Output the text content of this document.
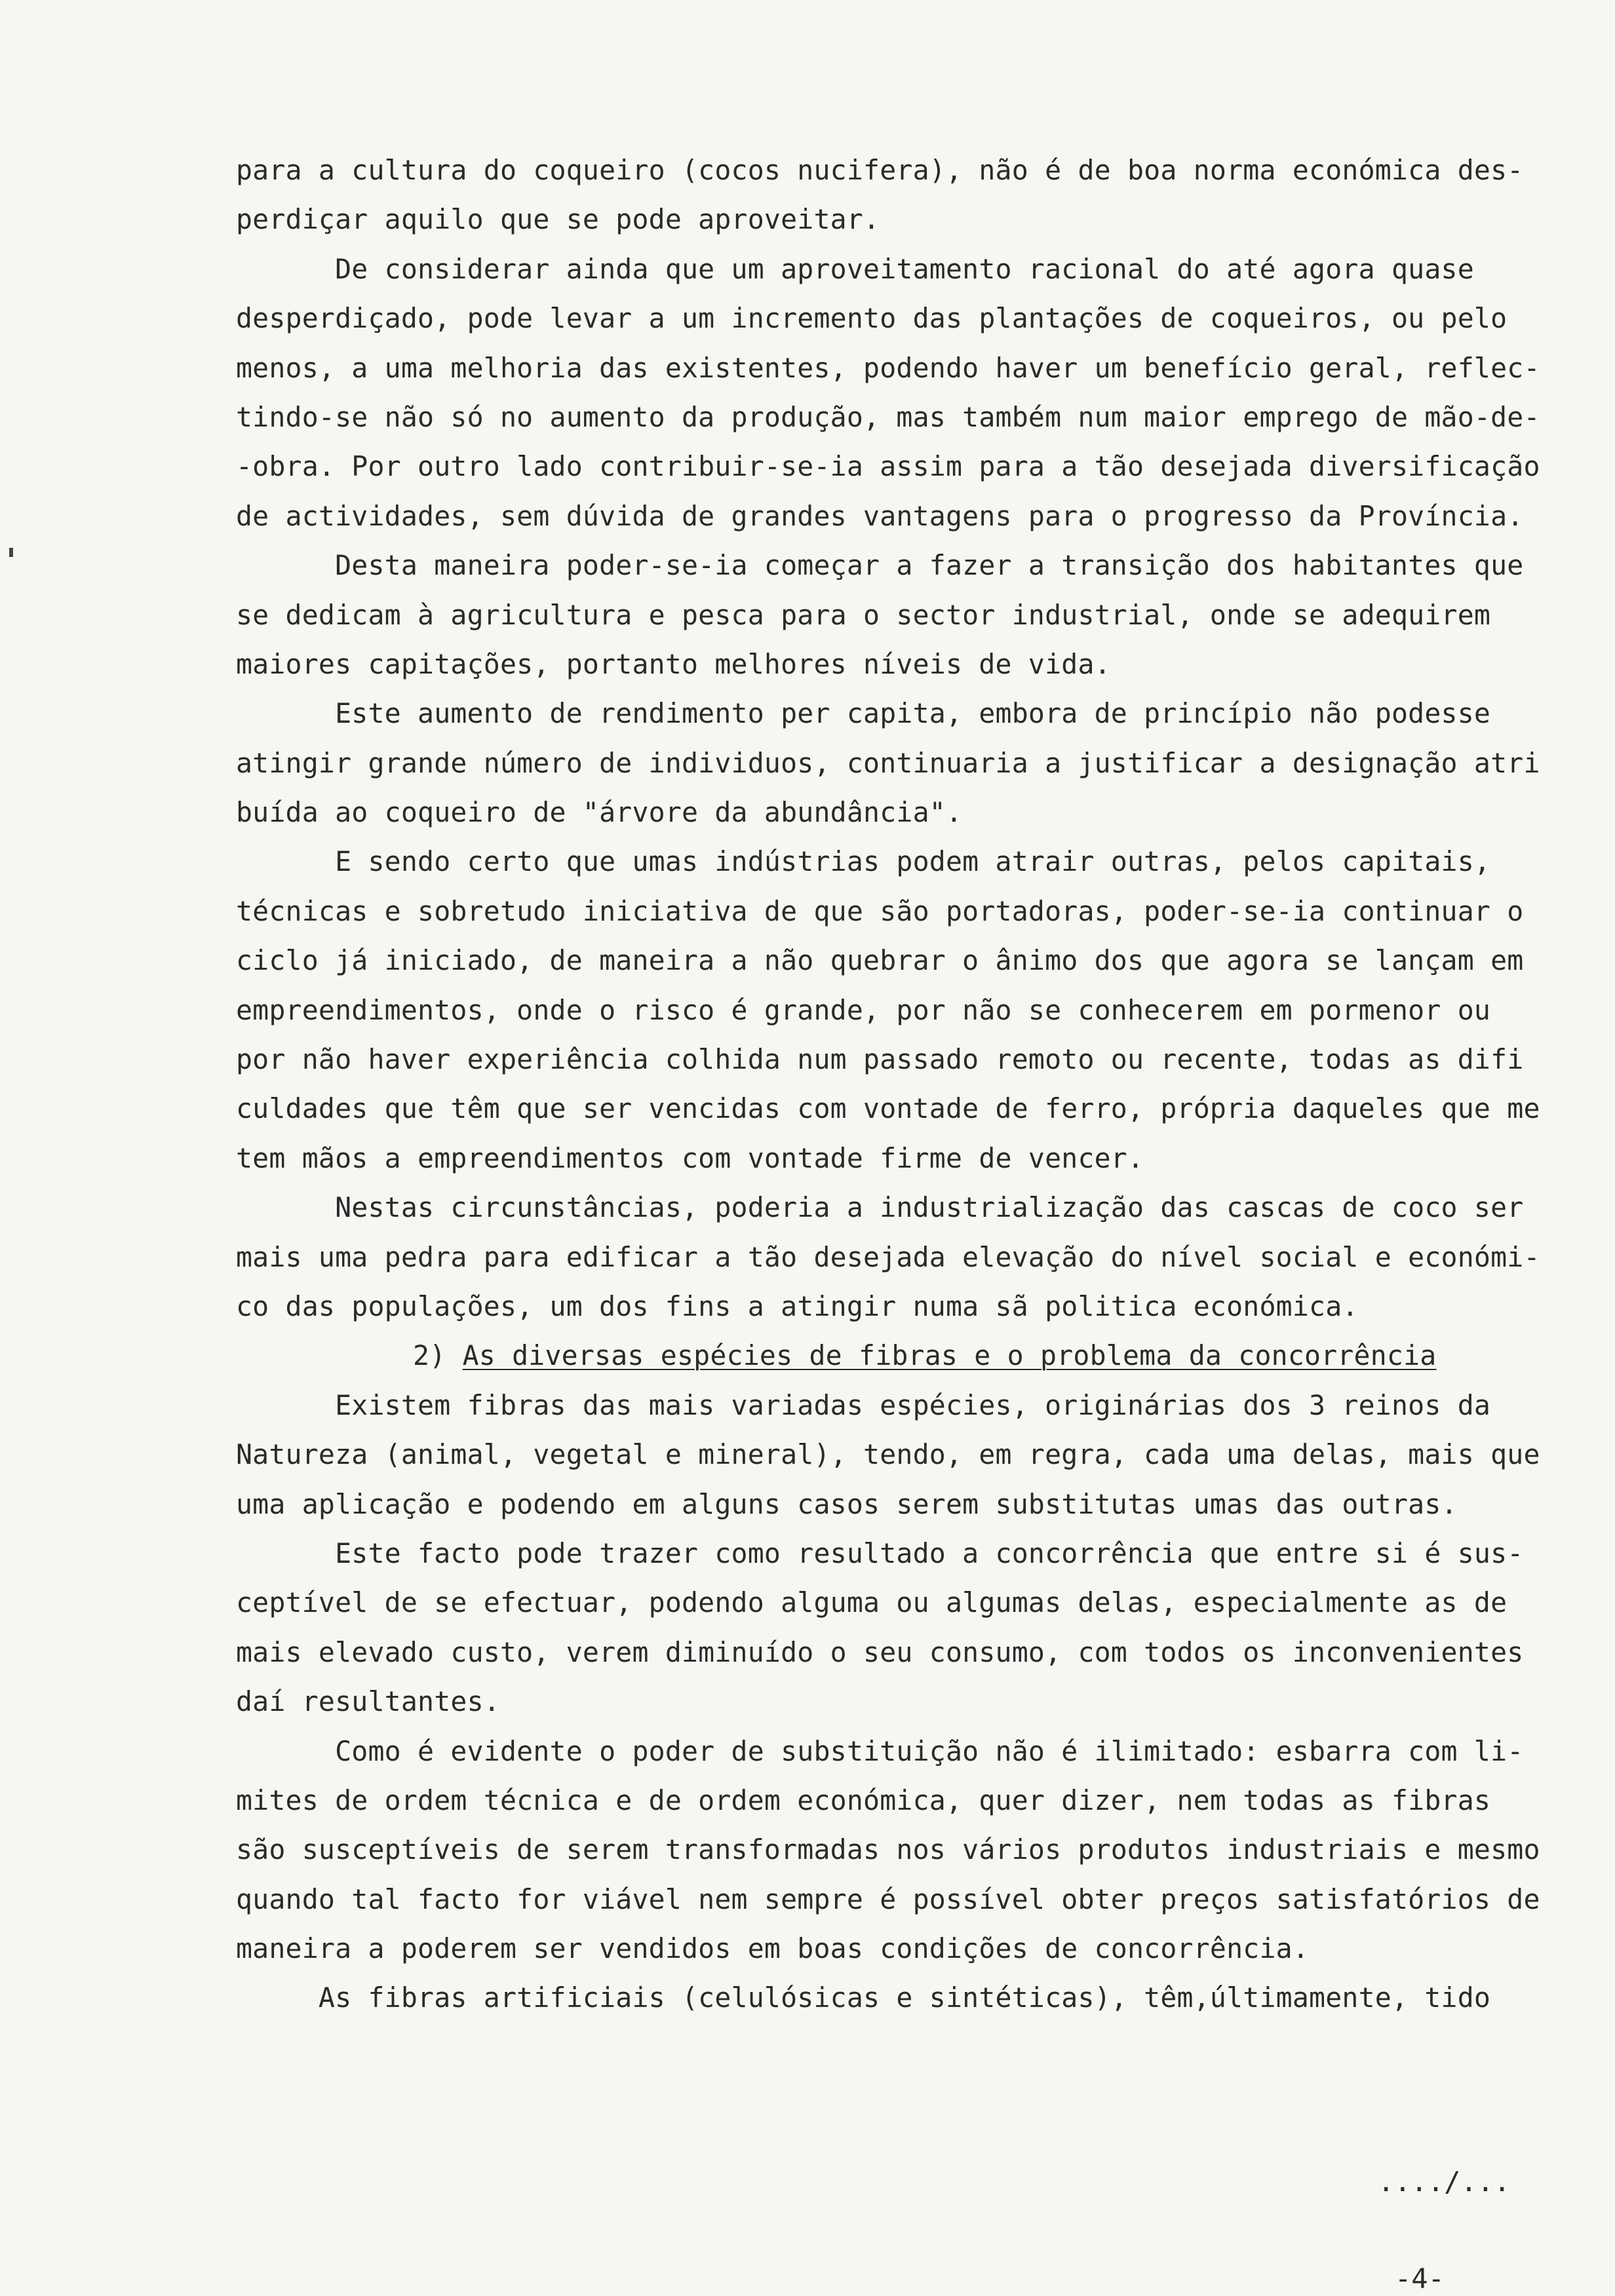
para a cultura do coqueiro (cocos nucifera), não é de boa norma económica des-
perdiçar aquilo que se pode aproveitar.
De considerar ainda que um aproveitamento racional do até agora quase
desperdiçado, pode levar a um incremento das plantações de coqueiros, ou pelo
menos, a uma melhoria das existentes, podendo haver um benefício geral, reflec-
tindo-se não só no aumento da produção, mas também num maior emprego de mão-de-
-obra. Por outro lado contribuir-se-ia assim para a tão desejada diversificação
de actividades, sem dúvida de grandes vantagens para o progresso da Província.
Desta maneira poder-se-ia começar a fazer a transição dos habitantes que
se dedicam à agricultura e pesca para o sector industrial, onde se adequirem
maiores capitações, portanto melhores níveis de vida.
Este aumento de rendimento per capita, embora de princípio não podesse
atingir grande número de individuos, continuaria a justificar a designação atri
buída ao coqueiro de "árvore da abundância".
E sendo certo que umas indústrias podem atrair outras, pelos capitais,
técnicas e sobretudo iniciativa de que são portadoras, poder-se-ia continuar o
ciclo já iniciado, de maneira a não quebrar o ânimo dos que agora se lançam em
empreendimentos, onde o risco é grande, por não se conhecerem em pormenor ou
por não haver experiência colhida num passado remoto ou recente, todas as difi
culdades que têm que ser vencidas com vontade de ferro, própria daqueles que me
tem mãos a empreendimentos com vontade firme de vencer.
Nestas circunstâncias, poderia a industrialização das cascas de coco ser
mais uma pedra para edificar a tão desejada elevação do nível social e económi-
co das populações, um dos fins a atingir numa sã politica económica.
2) As diversas espécies de fibras e o problema da concorrência
Existem fibras das mais variadas espécies, originárias dos 3 reinos da
Natureza (animal, vegetal e mineral), tendo, em regra, cada uma delas, mais que
uma aplicação e podendo em alguns casos serem substitutas umas das outras.
Este facto pode trazer como resultado a concorrência que entre si é sus-
ceptível de se efectuar, podendo alguma ou algumas delas, especialmente as de
mais elevado custo, verem diminuído o seu consumo, com todos os inconvenientes
daí resultantes.
Como é evidente o poder de substituição não é ilimitado: esbarra com li-
mites de ordem técnica e de ordem económica, quer dizer, nem todas as fibras
são susceptíveis de serem transformadas nos vários produtos industriais e mesmo
quando tal facto for viável nem sempre é possível obter preços satisfatórios de
maneira a poderem ser vendidos em boas condições de concorrência.
As fibras artificiais (celulósicas e sintéticas), têm,últimamente, tido
..../...
-4-
